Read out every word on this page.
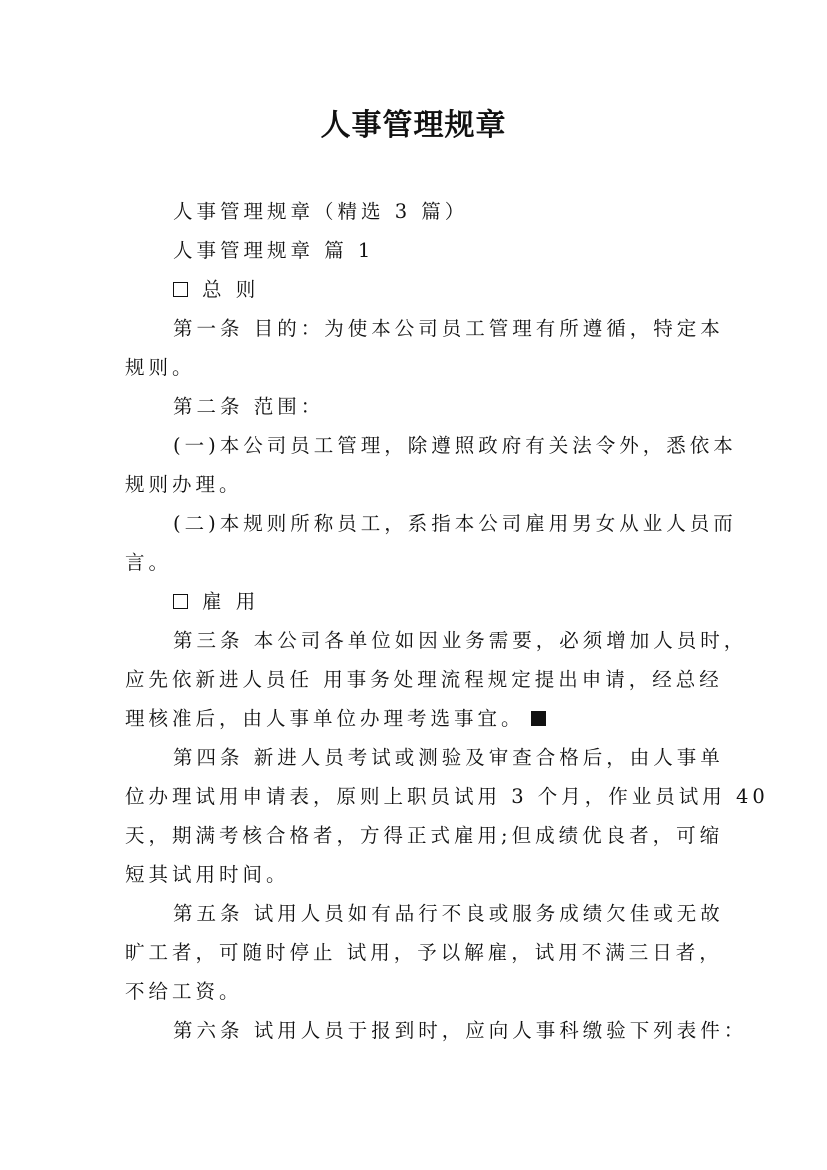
人事管理规章
人事管理规章（精选 3 篇）
人事管理规章 篇 1
总 则
第一条 目的：为使本公司员工管理有所遵循，特定本
规则。
第二条 范围：
(一)本公司员工管理，除遵照政府有关法令外，悉依本
规则办理。
(二)本规则所称员工，系指本公司雇用男女从业人员而
言。
雇 用
第三条 本公司各单位如因业务需要，必须增加人员时，
应先依新进人员任 用事务处理流程规定提出申请，经总经
理核准后，由人事单位办理考选事宜。
第四条 新进人员考试或测验及审查合格后，由人事单
位办理试用申请表，原则上职员试用 3 个月，作业员试用 40
天，期满考核合格者，方得正式雇用;但成绩优良者，可缩
短其试用时间。
第五条 试用人员如有品行不良或服务成绩欠佳或无故
旷工者，可随时停止 试用，予以解雇，试用不满三日者，
不给工资。
第六条 试用人员于报到时，应向人事科缴验下列表件：
